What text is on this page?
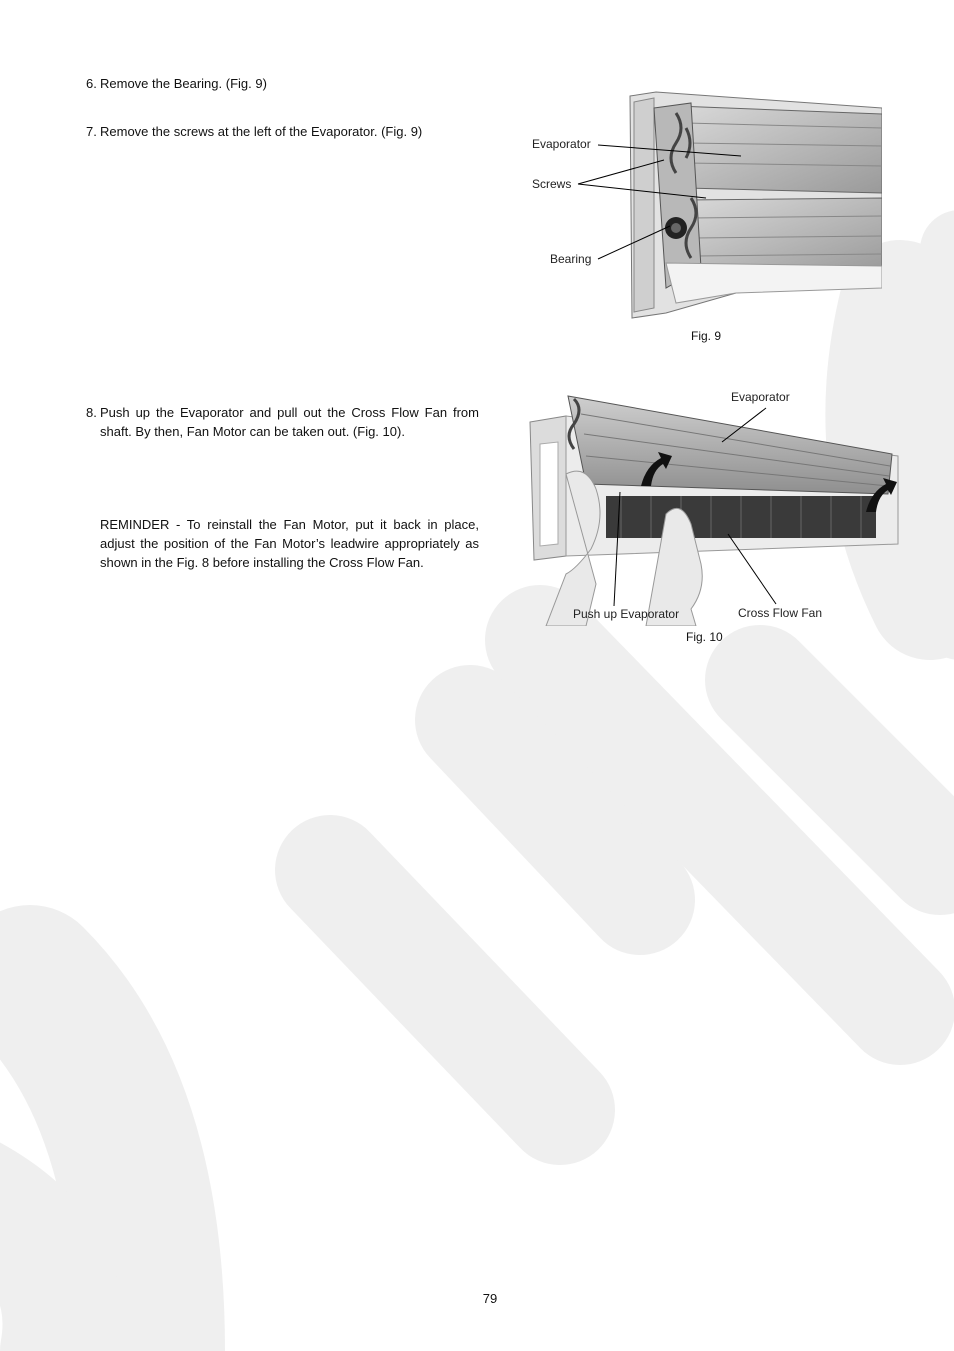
6. Remove the Bearing. (Fig. 9)
7. Remove the screws at the left of the Evaporator. (Fig. 9)
8. Push up the Evaporator and pull out the Cross Flow Fan from shaft. By then, Fan Motor can be taken out. (Fig. 10).
REMINDER - To reinstall the Fan Motor, put it back in place, adjust the position of the Fan Motor’s leadwire appropriately as shown in the Fig. 8 before installing the Cross Flow Fan.
Evaporator
Screws
Bearing
Fig. 9
Evaporator
Push up Evaporator	Cross Flow Fan
Fig. 10
79
